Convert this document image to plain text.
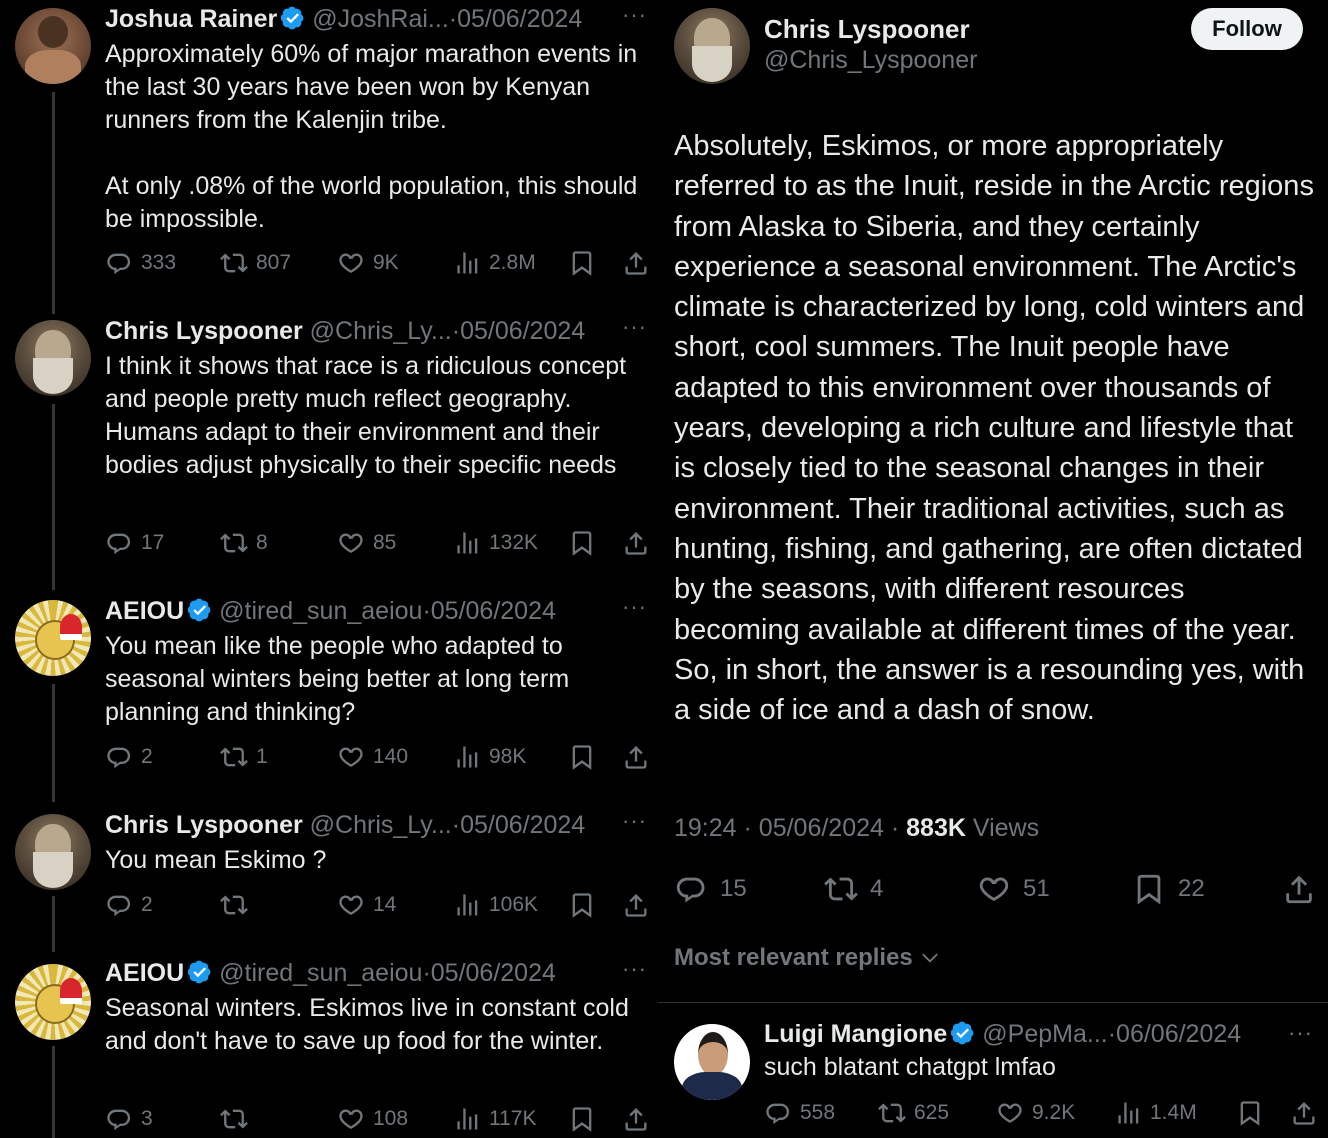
Joshua Rainer @JoshRai...·05/06/2024 ···
Approximately 60% of major marathon events in the last 30 years have been won by Kenyan runners from the Kalenjin tribe.

At only .08% of the world population, this should be impossible.
333	807	9K	2.8M
Chris Lyspooner @Chris_Ly...·05/06/2024 ···
I think it shows that race is a ridiculous concept and people pretty much reflect geography.
Humans adapt to their environment and their bodies adjust physically to their specific needs
17	8	85	132K
AEIOU @tired_sun_aeiou·05/06/2024	···
You mean like the people who adapted to seasonal winters being better at long term planning and thinking?
2	1	140	98K
Chris Lyspooner @Chris_Ly...·05/06/2024 ···
You mean Eskimo ?
2	14	106K
AEIOU @tired_sun_aeiou·05/06/2024	···
Seasonal winters. Eskimos live in constant cold and don't have to save up food for the winter.
3	108	117K
Chris Lyspooner
@Chris_Lyspooner
Follow
Absolutely, Eskimos, or more appropriately referred to as the Inuit, reside in the Arctic regions from Alaska to Siberia, and they certainly experience a seasonal environment. The Arctic's climate is characterized by long, cold winters and short, cool summers. The Inuit people have adapted to this environment over thousands of years, developing a rich culture and lifestyle that is closely tied to the seasonal changes in their environment. Their traditional activities, such as hunting, fishing, and gathering, are often dictated by the seasons, with different resources becoming available at different times of the year. So, in short, the answer is a resounding yes, with a side of ice and a dash of snow.
19:24 · 05/06/2024 · 883K Views
15	4	51	22
Most relevant replies
Luigi Mangione @PepMa...·06/06/2024 ···
such blatant chatgpt lmfao
558	625	9.2K	1.4M
